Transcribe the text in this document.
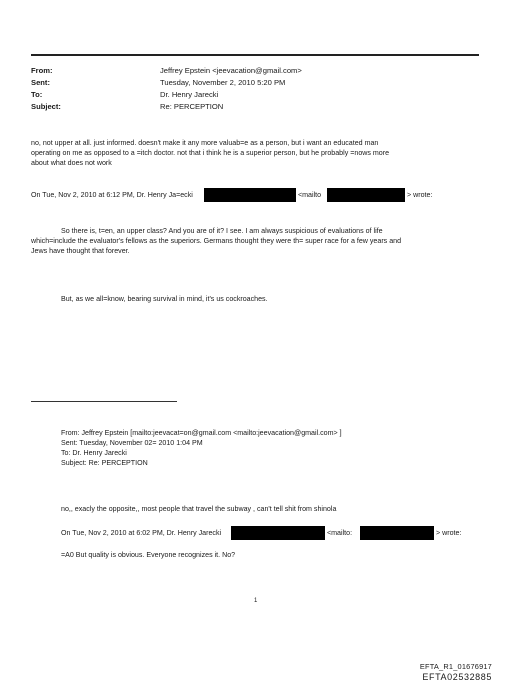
From:	Jeffrey Epstein <jeevacation@gmail.com>
Sent:	Tuesday, November 2, 2010 5:20 PM
To:	Dr. Henry Jarecki
Subject:	Re: PERCEPTION
no, not upper at all. just informed. doesn't make it any more valuab=e as a person, but i want an educated man
operating on me as opposed to a =itch doctor. not that i think he is a superior person, but he probably =nows more
about what does not work
On Tue, Nov 2, 2010 at 6:12 PM, Dr. Henry Ja=ecki	<mailto	> wrote:
So there is, t=en, an upper class? And you are of it? I see. I am always suspicious of evaluations of life
which=include the evaluator's fellows as the superiors. Germans thought they were th= super race for a few years and
Jews have thought that forever.
But, as we all=know, bearing survival in mind, it's us cockroaches.
From: Jeffrey Epstein [mailto:jeevacat=on@gmail.com <mailto:jeevacation@gmail.com> ]
Sent: Tuesday, November 02= 2010 1:04 PM
To: Dr. Henry Jarecki
Subject: Re: PERCEPTION
no,, exacly the opposite,, most people that travel the subway , can't tell shit from shinola
On Tue, Nov 2, 2010 at 6:02 PM, Dr. Henry Jarecki	<mailto:	> wrote:
=A0 But quality is obvious. Everyone recognizes it. No?
1
EFTA_R1_01676917
EFTA02532885
